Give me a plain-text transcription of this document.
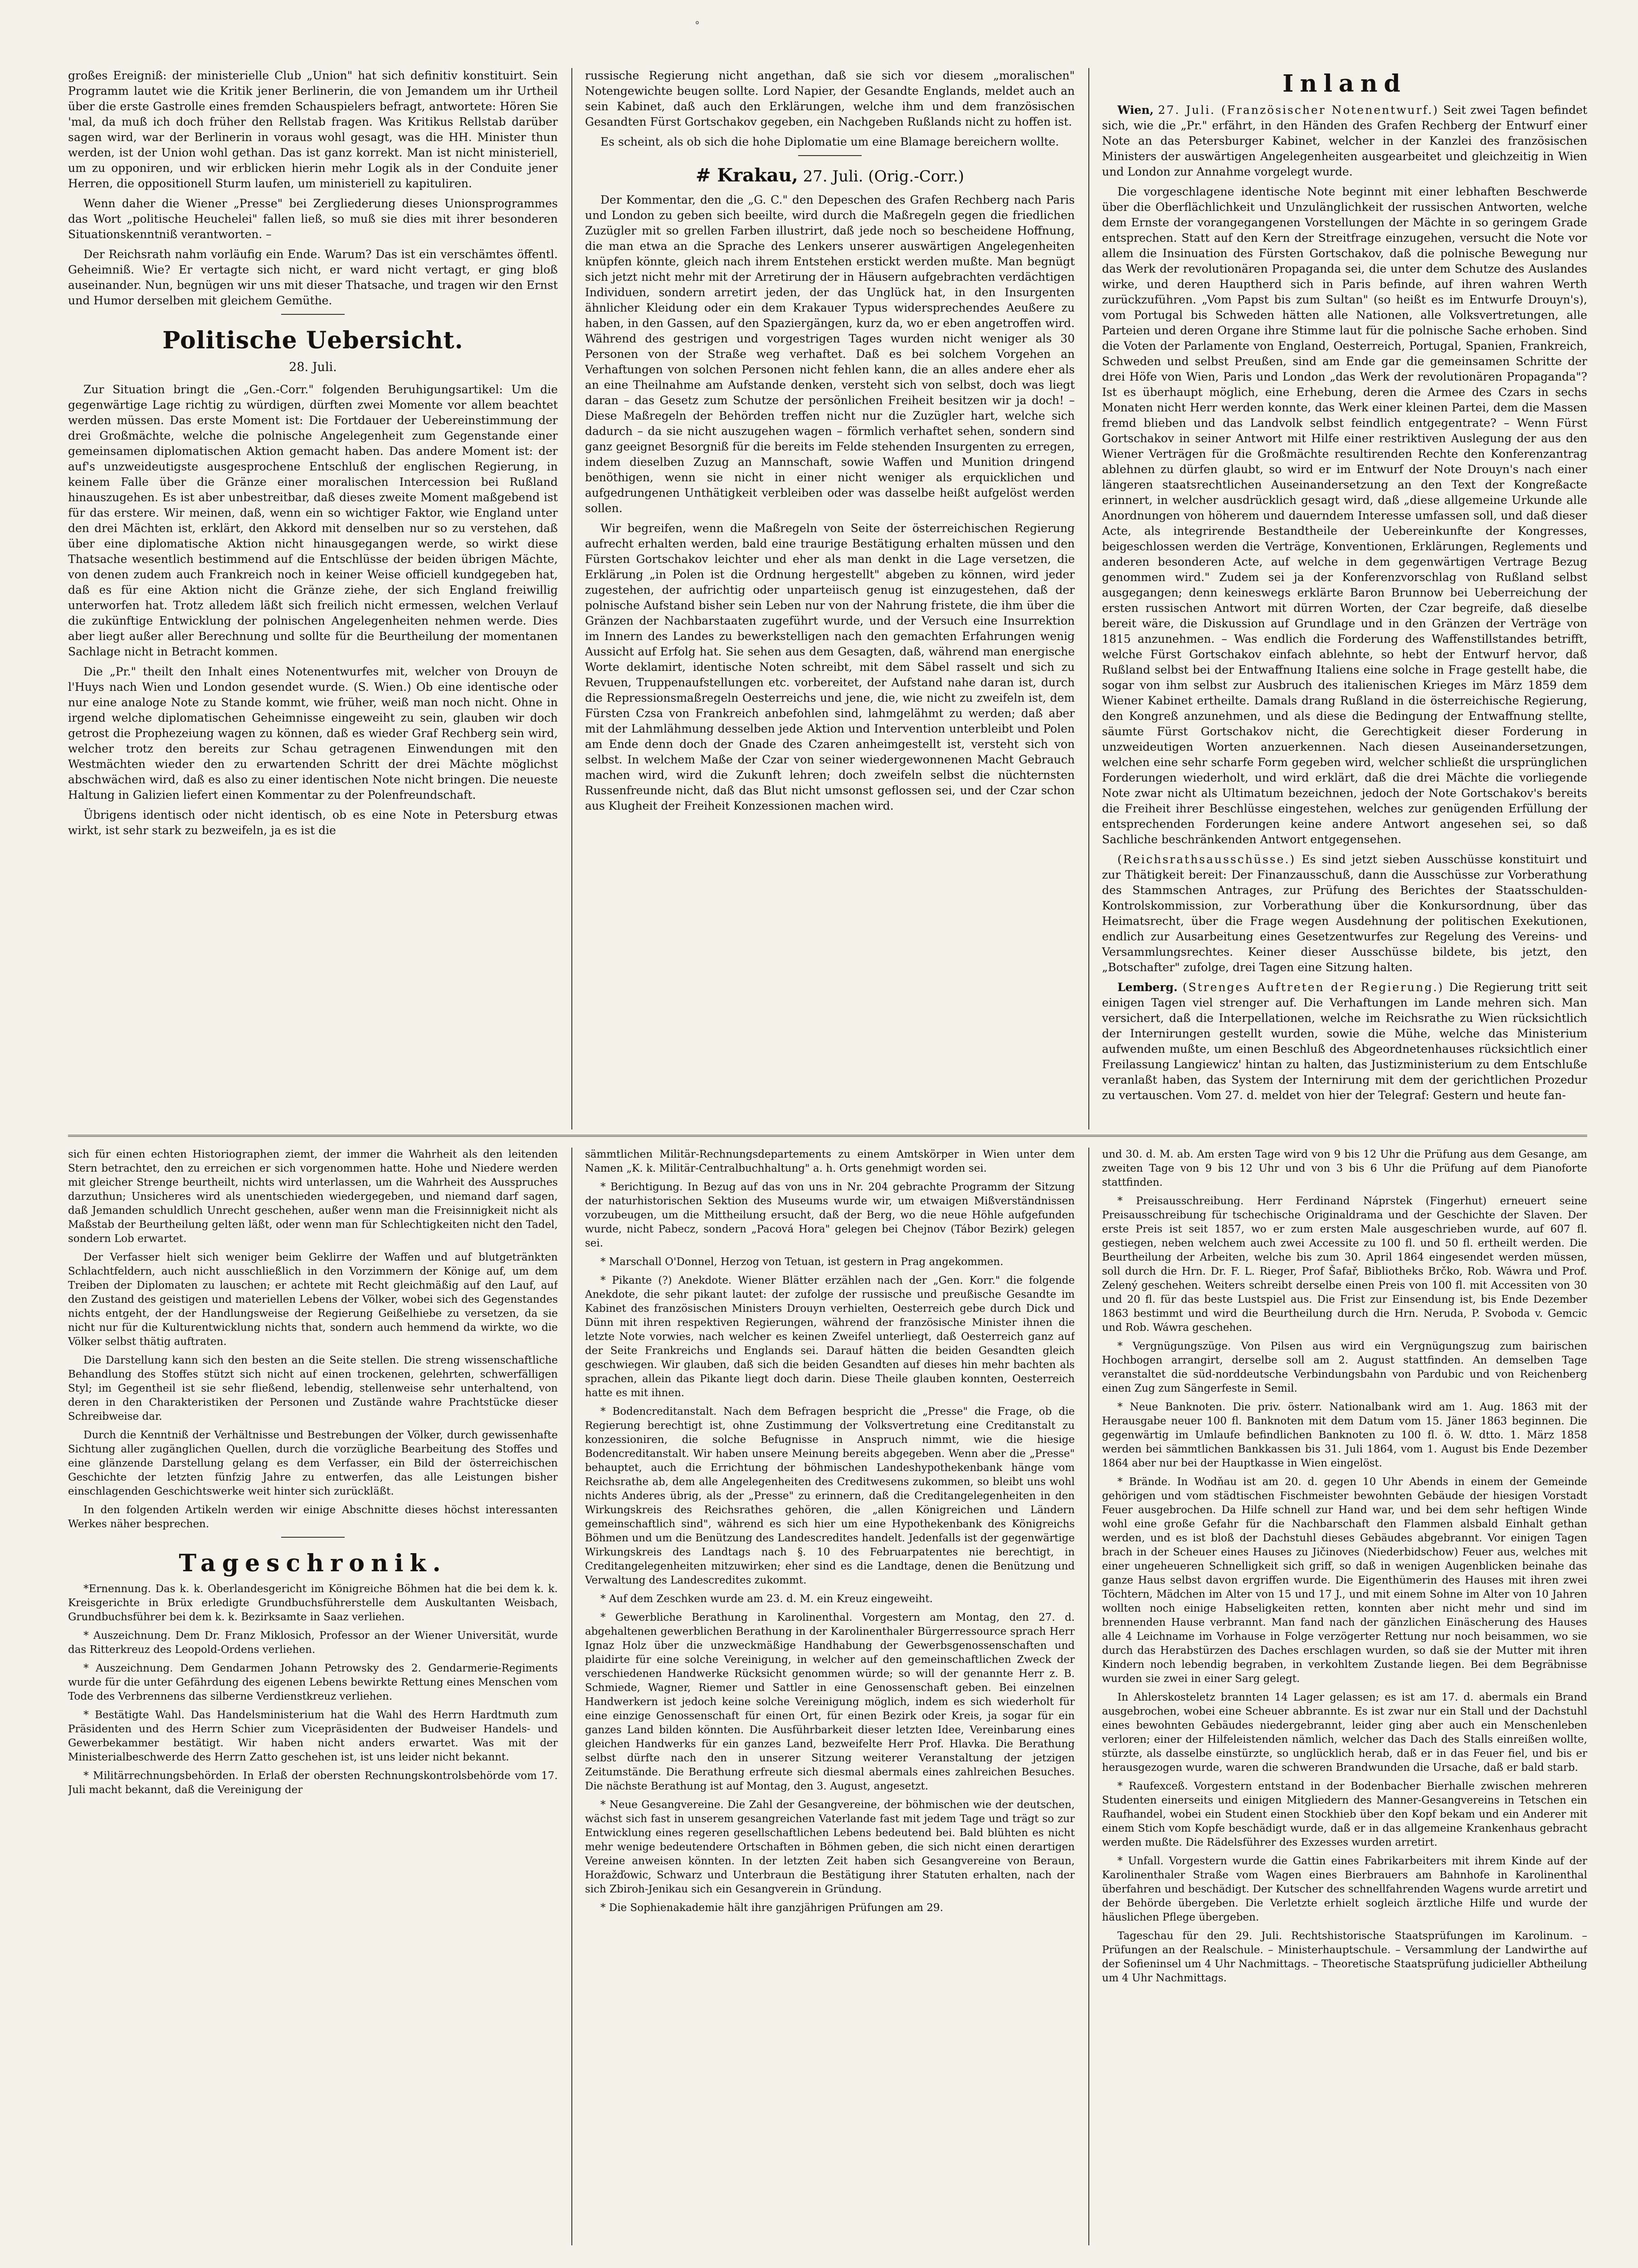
°

großes Ereigniß: der ministerielle Club „Union" hat sich definitiv konstituirt. Sein Programm lautet wie die Kritik jener Berlinerin, die von Jemandem um ihr Urtheil über die erste Gastrolle eines fremden Schauspielers befragt, antwortete: Hören Sie 'mal, da muß ich doch früher den Rellstab fragen. Was Kritikus Rellstab darüber sagen wird, war der Berlinerin in voraus wohl gesagt, was die HH. Minister thun werden, ist der Union wohl gethan. Das ist ganz korrekt. Man ist nicht ministeriell, um zu opponiren, und wir erblicken hierin mehr Logik als in der Conduite jener Herren, die oppositionell Sturm laufen, um ministeriell zu kapituliren.

Wenn daher die Wiener „Presse" bei Zergliederung dieses Unionsprogrammes das Wort „politische Heuchelei" fallen ließ, so muß sie dies mit ihrer besonderen Situationskenntniß verantworten. –

Der Reichsrath nahm vorläufig ein Ende. Warum? Das ist ein verschämtes öffentl. Geheimniß. Wie? Er vertagte sich nicht, er ward nicht vertagt, er ging bloß auseinander. Nun, begnügen wir uns mit dieser Thatsache, und tragen wir den Ernst und Humor derselben mit gleichem Gemüthe.

Politische Uebersicht.
28. Juli.

Zur Situation bringt die „Gen.-Corr." folgenden Beruhigungsartikel: Um die gegenwärtige Lage richtig zu würdigen, dürften zwei Momente vor allem beachtet werden müssen. Das erste Moment ist: Die Fortdauer der Uebereinstimmung der drei Großmächte, welche die polnische Angelegenheit zum Gegenstande einer gemeinsamen diplomatischen Aktion gemacht haben. Das andere Moment ist: der auf's unzweideutigste ausgesprochene Entschluß der englischen Regierung, in keinem Falle über die Gränze einer moralischen Intercession bei Rußland hinauszugehen. Es ist aber unbestreitbar, daß dieses zweite Moment maßgebend ist für das erstere. Wir meinen, daß, wenn ein so wichtiger Faktor, wie England unter den drei Mächten ist, erklärt, den Akkord mit denselben nur so zu verstehen, daß über eine diplomatische Aktion nicht hinausgegangen werde, so wirkt diese Thatsache wesentlich bestimmend auf die Entschlüsse der beiden übrigen Mächte, von denen zudem auch Frankreich noch in keiner Weise officiell kundgegeben hat, daß es für eine Aktion nicht die Gränze ziehe, der sich England freiwillig unterworfen hat. Trotz alledem läßt sich freilich nicht ermessen, welchen Verlauf die zukünftige Entwicklung der polnischen Angelegenheiten nehmen werde. Dies aber liegt außer aller Berechnung und sollte für die Beurtheilung der momentanen Sachlage nicht in Betracht kommen.

Die „Pr." theilt den Inhalt eines Notenentwurfes mit, welcher von Drouyn de l'Huys nach Wien und London gesendet wurde. (S. Wien.) Ob eine identische oder nur eine analoge Note zu Stande kommt, wie früher, weiß man noch nicht. Ohne in irgend welche diplomatischen Geheimnisse eingeweiht zu sein, glauben wir doch getrost die Prophezeiung wagen zu können, daß es wieder Graf Rechberg sein wird, welcher trotz den bereits zur Schau getragenen Einwendungen mit den Westmächten wieder den zu erwartenden Schritt der drei Mächte möglichst abschwächen wird, daß es also zu einer identischen Note nicht bringen. Die neueste Haltung in Galizien liefert einen Kommentar zu der Polenfreundschaft.

Übrigens identisch oder nicht identisch, ob es eine Note in Petersburg etwas wirkt, ist sehr stark zu bezweifeln, ja es ist die

russische Regierung nicht angethan, daß sie sich vor diesem „moralischen" Notengewichte beugen sollte. Lord Napier, der Gesandte Englands, meldet auch an sein Kabinet, daß auch den Erklärungen, welche ihm und dem französischen Gesandten Fürst Gortschakov gegeben, ein Nachgeben Rußlands nicht zu hoffen ist.

Es scheint, als ob sich die hohe Diplomatie um eine Blamage bereichern wollte.

# Krakau, 27. Juli. (Orig.-Corr.)

Der Kommentar, den die „G. C." den Depeschen des Grafen Rechberg nach Paris und London zu geben sich beeilte, wird durch die Maßregeln gegen die friedlichen Zuzügler mit so grellen Farben illustrirt, daß jede noch so bescheidene Hoffnung, die man etwa an die Sprache des Lenkers unserer auswärtigen Angelegenheiten knüpfen könnte, gleich nach ihrem Entstehen erstickt werden mußte. Man begnügt sich jetzt nicht mehr mit der Arretirung der in Häusern aufgebrachten verdächtigen Individuen, sondern arretirt jeden, der das Unglück hat, in den Insurgenten ähnlicher Kleidung oder ein dem Krakauer Typus widersprechendes Aeußere zu haben, in den Gassen, auf den Spaziergängen, kurz da, wo er eben angetroffen wird. Während des gestrigen und vorgestrigen Tages wurden nicht weniger als 30 Personen von der Straße weg verhaftet. Daß es bei solchem Vorgehen an Verhaftungen von solchen Personen nicht fehlen kann, die an alles andere eher als an eine Theilnahme am Aufstande denken, versteht sich von selbst, doch was liegt daran – das Gesetz zum Schutze der persönlichen Freiheit besitzen wir ja doch! – Diese Maßregeln der Behörden treffen nicht nur die Zuzügler hart, welche sich dadurch – da sie nicht auszugehen wagen – förmlich verhaftet sehen, sondern sind ganz geeignet Besorgniß für die bereits im Felde stehenden Insurgenten zu erregen, indem dieselben Zuzug an Mannschaft, sowie Waffen und Munition dringend benöthigen, wenn sie nicht in einer nicht weniger als erquicklichen und aufgedrungenen Unthätigkeit verbleiben oder was dasselbe heißt aufgelöst werden sollen.

Wir begreifen, wenn die Maßregeln von Seite der österreichischen Regierung aufrecht erhalten werden, bald eine traurige Bestätigung erhalten müssen und den Fürsten Gortschakov leichter und eher als man denkt in die Lage versetzen, die Erklärung „in Polen ist die Ordnung hergestellt" abgeben zu können, wird jeder zugestehen, der aufrichtig oder unparteiisch genug ist einzugestehen, daß der polnische Aufstand bisher sein Leben nur von der Nahrung fristete, die ihm über die Gränzen der Nachbarstaaten zugeführt wurde, und der Versuch eine Insurrektion im Innern des Landes zu bewerkstelligen nach den gemachten Erfahrungen wenig Aussicht auf Erfolg hat. Sie sehen aus dem Gesagten, daß, während man energische Worte deklamirt, identische Noten schreibt, mit dem Säbel rasselt und sich zu Revuen, Truppenaufstellungen etc. vorbereitet, der Aufstand nahe daran ist, durch die Repressionsmaßregeln Oesterreichs und jene, die, wie nicht zu zweifeln ist, dem Fürsten Czsa von Frankreich anbefohlen sind, lahmgelähmt zu werden; daß aber mit der Lahmlähmung desselben jede Aktion und Intervention unterbleibt und Polen am Ende denn doch der Gnade des Czaren anheimgestellt ist, versteht sich von selbst. In welchem Maße der Czar von seiner wiedergewonnenen Macht Gebrauch machen wird, wird die Zukunft lehren; doch zweifeln selbst die nüchternsten Russenfreunde nicht, daß das Blut nicht umsonst geflossen sei, und der Czar schon aus Klugheit der Freiheit Konzessionen machen wird.

Inland

Wien, 27. Juli. (Französischer Notenentwurf.) Seit zwei Tagen befindet sich, wie die „Pr." erfährt, in den Händen des Grafen Rechberg der Entwurf einer Note an das Petersburger Kabinet, welcher in der Kanzlei des französischen Ministers der auswärtigen Angelegenheiten ausgearbeitet und gleichzeitig in Wien und London zur Annahme vorgelegt wurde.

Die vorgeschlagene identische Note beginnt mit einer lebhaften Beschwerde über die Oberflächlichkeit und Unzulänglichkeit der russischen Antworten, welche dem Ernste der vorangegangenen Vorstellungen der Mächte in so geringem Grade entsprechen. Statt auf den Kern der Streitfrage einzugehen, versucht die Note vor allem die Insinuation des Fürsten Gortschakov, daß die polnische Bewegung nur das Werk der revolutionären Propaganda sei, die unter dem Schutze des Auslandes wirke, und deren Hauptherd sich in Paris befinde, auf ihren wahren Werth zurückzuführen. „Vom Papst bis zum Sultan" (so heißt es im Entwurfe Drouyn's), vom Portugal bis Schweden hätten alle Nationen, alle Volksvertretungen, alle Parteien und deren Organe ihre Stimme laut für die polnische Sache erhoben. Sind die Voten der Parlamente von England, Oesterreich, Portugal, Spanien, Frankreich, Schweden und selbst Preußen, sind am Ende gar die gemeinsamen Schritte der drei Höfe von Wien, Paris und London „das Werk der revolutionären Propaganda"? Ist es überhaupt möglich, eine Erhebung, deren die Armee des Czars in sechs Monaten nicht Herr werden konnte, das Werk einer kleinen Partei, dem die Massen fremd blieben und das Landvolk selbst feindlich entgegentrate? – Wenn Fürst Gortschakov in seiner Antwort mit Hilfe einer restriktiven Auslegung der aus den Wiener Verträgen für die Großmächte resultirenden Rechte den Konferenzantrag ablehnen zu dürfen glaubt, so wird er im Entwurf der Note Drouyn's nach einer längeren staatsrechtlichen Auseinandersetzung an den Text der Kongreßacte erinnert, in welcher ausdrücklich gesagt wird, daß „diese allgemeine Urkunde alle Anordnungen von höherem und dauerndem Interesse umfassen soll, und daß dieser Acte, als integrirende Bestandtheile der Uebereinkunfte der Kongresses, beigeschlossen werden die Verträge, Konventionen, Erklärungen, Reglements und anderen besonderen Acte, auf welche in dem gegenwärtigen Vertrage Bezug genommen wird." Zudem sei ja der Konferenzvorschlag von Rußland selbst ausgegangen; denn keineswegs erklärte Baron Brunnow bei Ueberreichung der ersten russischen Antwort mit dürren Worten, der Czar begreife, daß dieselbe bereit wäre, die Diskussion auf Grundlage und in den Gränzen der Verträge von 1815 anzunehmen. – Was endlich die Forderung des Waffenstillstandes betrifft, welche Fürst Gortschakov einfach ablehnte, so hebt der Entwurf hervor, daß Rußland selbst bei der Entwaffnung Italiens eine solche in Frage gestellt habe, die sogar von ihm selbst zur Ausbruch des italienischen Krieges im März 1859 dem Wiener Kabinet ertheilte. Damals drang Rußland in die österreichische Regierung, den Kongreß anzunehmen, und als diese die Bedingung der Entwaffnung stellte, säumte Fürst Gortschakov nicht, die Gerechtigkeit dieser Forderung in unzweideutigen Worten anzuerkennen. Nach diesen Auseinandersetzungen, welchen eine sehr scharfe Form gegeben wird, welcher schließt die ursprünglichen Forderungen wiederholt, und wird erklärt, daß die drei Mächte die vorliegende Note zwar nicht als Ultimatum bezeichnen, jedoch der Note Gortschakov's bereits die Freiheit ihrer Beschlüsse eingestehen, welches zur genügenden Erfüllung der entsprechenden Forderungen keine andere Antwort angesehen sei, so daß Sachliche beschränkenden Antwort entgegensehen.

(Reichsrathsausschüsse.) Es sind jetzt sieben Ausschüsse konstituirt und zur Thätigkeit bereit: Der Finanzausschuß, dann die Ausschüsse zur Vorberathung des Stammschen Antrages, zur Prüfung des Berichtes der Staatsschulden-Kontrolskommission, zur Vorberathung über die Konkursordnung, über das Heimatsrecht, über die Frage wegen Ausdehnung der politischen Exekutionen, endlich zur Ausarbeitung eines Gesetzentwurfes zur Regelung des Vereins- und Versammlungsrechtes. Keiner dieser Ausschüsse bildete, bis jetzt, den „Botschafter" zufolge, drei Tagen eine Sitzung halten.

Lemberg. (Strenges Auftreten der Regierung.) Die Regierung tritt seit einigen Tagen viel strenger auf. Die Verhaftungen im Lande mehren sich. Man versichert, daß die Interpellationen, welche im Reichsrathe zu Wien rücksichtlich der Internirungen gestellt wurden, sowie die Mühe, welche das Ministerium aufwenden mußte, um einen Beschluß des Abgeordnetenhauses rücksichtlich einer Freilassung Langiewicz' hintan zu halten, das Justizministerium zu dem Entschluße veranlaßt haben, das System der Internirung mit dem der gerichtlichen Prozedur zu vertauschen. Vom 27. d. meldet von hier der Telegraf: Gestern und heute fan-

sich für einen echten Historiographen ziemt, der immer die Wahrheit als den leitenden Stern betrachtet, den zu erreichen er sich vorgenommen hatte. Hohe und Niedere werden mit gleicher Strenge beurtheilt, nichts wird unterlassen, um die Wahrheit des Ausspruches darzuthun; Unsicheres wird als unentschieden wiedergegeben, und niemand darf sagen, daß Jemanden schuldlich Unrecht geschehen, außer wenn man die Freisinnigkeit nicht als Maßstab der Beurtheilung gelten läßt, oder wenn man für Schlechtigkeiten nicht den Tadel, sondern Lob erwartet.

Der Verfasser hielt sich weniger beim Geklirre der Waffen und auf blutgetränkten Schlachtfeldern, auch nicht ausschließlich in den Vorzimmern der Könige auf, um dem Treiben der Diplomaten zu lauschen; er achtete mit Recht gleichmäßig auf den Lauf, auf den Zustand des geistigen und materiellen Lebens der Völker, wobei sich des Gegenstandes nichts entgeht, der der Handlungsweise der Regierung Geißelhiebe zu versetzen, da sie nicht nur für die Kulturentwicklung nichts that, sondern auch hemmend da wirkte, wo die Völker selbst thätig auftraten.

Die Darstellung kann sich den besten an die Seite stellen. Die streng wissenschaftliche Behandlung des Stoffes stützt sich nicht auf einen trockenen, gelehrten, schwerfälligen Styl; im Gegentheil ist sie sehr fließend, lebendig, stellenweise sehr unterhaltend, von deren in den Charakteristiken der Personen und Zustände wahre Prachtstücke dieser Schreibweise dar.

Durch die Kenntniß der Verhältnisse und Bestrebungen der Völker, durch gewissenhafte Sichtung aller zugänglichen Quellen, durch die vorzügliche Bearbeitung des Stoffes und eine glänzende Darstellung gelang es dem Verfasser, ein Bild der österreichischen Geschichte der letzten fünfzig Jahre zu entwerfen, das alle Leistungen bisher einschlagenden Geschichtswerke weit hinter sich zurückläßt.

In den folgenden Artikeln werden wir einige Abschnitte dieses höchst interessanten Werkes näher besprechen.

Tageschronik.

*Ernennung. Das k. k. Oberlandesgericht im Königreiche Böhmen hat die bei dem k. k. Kreisgerichte in Brüx erledigte Grundbuchsführerstelle dem Auskultanten Weisbach, Grundbuchsführer bei dem k. k. Bezirksamte in Saaz verliehen.

* Auszeichnung. Dem Dr. Franz Miklosich, Professor an der Wiener Universität, wurde das Ritterkreuz des Leopold-Ordens verliehen.

* Auszeichnung. Dem Gendarmen Johann Petrowsky des 2. Gendarmerie-Regiments wurde für die unter Gefährdung des eigenen Lebens bewirkte Rettung eines Menschen vom Tode des Verbrennens das silberne Verdienstkreuz verliehen.

* Bestätigte Wahl. Das Handelsministerium hat die Wahl des Herrn Hardtmuth zum Präsidenten und des Herrn Schier zum Vicepräsidenten der Budweiser Handels- und Gewerbekammer bestätigt. Wir haben nicht anders erwartet. Was mit der Ministerialbeschwerde des Herrn Zatto geschehen ist, ist uns leider nicht bekannt.

* Militärrechnungsbehörden. In Erlaß der obersten Rechnungskontrolsbehörde vom 17. Juli macht bekannt, daß die Vereinigung der

sämmtlichen Militär-Rechnungsdepartements zu einem Amtskörper in Wien unter dem Namen „K. k. Militär-Centralbuchhaltung" a. h. Orts genehmigt worden sei.

* Berichtigung. In Bezug auf das von uns in Nr. 204 gebrachte Programm der Sitzung der naturhistorischen Sektion des Museums wurde wir, um etwaigen Mißverständnissen vorzubeugen, um die Mittheilung ersucht, daß der Berg, wo die neue Höhle aufgefunden wurde, nicht Pabecz, sondern „Pacová Hora" gelegen bei Chejnov (Tábor Bezirk) gelegen sei.

* Marschall O'Donnel, Herzog von Tetuan, ist gestern in Prag angekommen.

* Pikante (?) Anekdote. Wiener Blätter erzählen nach der „Gen. Korr." die folgende Anekdote, die sehr pikant lautet: der zufolge der russische und preußische Gesandte im Kabinet des französischen Ministers Drouyn verhielten, Oesterreich gebe durch Dick und Dünn mit ihren respektiven Regierungen, während der französische Minister ihnen die letzte Note vorwies, nach welcher es keinen Zweifel unterliegt, daß Oesterreich ganz auf der Seite Frankreichs und Englands sei. Darauf hätten die beiden Gesandten gleich geschwiegen. Wir glauben, daß sich die beiden Gesandten auf dieses hin mehr bachten als sprachen, allein das Pikante liegt doch darin. Diese Theile glauben konnten, Oesterreich hatte es mit ihnen.

* Bodencreditanstalt. Nach dem Befragen bespricht die „Presse" die Frage, ob die Regierung berechtigt ist, ohne Zustimmung der Volksvertretung eine Creditanstalt zu konzessioniren, die solche Befugnisse in Anspruch nimmt, wie die hiesige Bodencreditanstalt. Wir haben unsere Meinung bereits abgegeben. Wenn aber die „Presse" behauptet, auch die Errichtung der böhmischen Landeshypothekenbank hänge vom Reichsrathe ab, dem alle Angelegenheiten des Creditwesens zukommen, so bleibt uns wohl nichts Anderes übrig, als der „Presse" zu erinnern, daß die Creditangelegenheiten in den Wirkungskreis des Reichsrathes gehören, die „allen Königreichen und Ländern gemeinschaftlich sind", während es sich hier um eine Hypothekenbank des Königreichs Böhmen und um die Benützung des Landescredites handelt. Jedenfalls ist der gegenwärtige Wirkungskreis des Landtags nach §. 10 des Februarpatentes nie berechtigt, in Creditangelegenheiten mitzuwirken; eher sind es die Landtage, denen die Benützung und Verwaltung des Landescredites zukommt.

* Auf dem Zeschken wurde am 23. d. M. ein Kreuz eingeweiht.

* Gewerbliche Berathung in Karolinenthal. Vorgestern am Montag, den 27. d. abgehaltenen gewerblichen Berathung in der Karolinenthaler Bürgerressource sprach Herr Ignaz Holz über die unzweckmäßige Handhabung der Gewerbsgenossenschaften und plaidirte für eine solche Vereinigung, in welcher auf den gemeinschaftlichen Zweck der verschiedenen Handwerke Rücksicht genommen würde; so will der genannte Herr z. B. Schmiede, Wagner, Riemer und Sattler in eine Genossenschaft geben. Bei einzelnen Handwerkern ist jedoch keine solche Vereinigung möglich, indem es sich wiederholt für eine einzige Genossenschaft für einen Ort, für einen Bezirk oder Kreis, ja sogar für ein ganzes Land bilden könnten. Die Ausführbarkeit dieser letzten Idee, Vereinbarung eines gleichen Handwerks für ein ganzes Land, bezweifelte Herr Prof. Hlavka. Die Berathung selbst dürfte nach den in unserer Sitzung weiterer Veranstaltung der jetzigen Zeitumstände. Die Berathung erfreute sich diesmal abermals eines zahlreichen Besuches. Die nächste Berathung ist auf Montag, den 3. August, angesetzt.

* Neue Gesangvereine. Die Zahl der Gesangvereine, der böhmischen wie der deutschen, wächst sich fast in unserem gesangreichen Vaterlande fast mit jedem Tage und trägt so zur Entwicklung eines regeren gesellschaftlichen Lebens bedeutend bei. Bald blühten es nicht mehr wenige bedeutendere Ortschaften in Böhmen geben, die sich nicht einen derartigen Vereine anweisen könnten. In der letzten Zeit haben sich Gesangvereine von Beraun, Horažďowic, Schwarz und Unterbraun die Bestätigung ihrer Statuten erhalten, nach der sich Zbiroh-Jenikau sich ein Gesangverein in Gründung.

* Die Sophienakademie hält ihre ganzjährigen Prüfungen am 29.

und 30. d. M. ab. Am ersten Tage wird von 9 bis 12 Uhr die Prüfung aus dem Gesange, am zweiten Tage von 9 bis 12 Uhr und von 3 bis 6 Uhr die Prüfung auf dem Pianoforte stattfinden.

* Preisausschreibung. Herr Ferdinand Náprstek (Fingerhut) erneuert seine Preisausschreibung für tschechische Originaldrama und der Geschichte der Slaven. Der erste Preis ist seit 1857, wo er zum ersten Male ausgeschrieben wurde, auf 607 fl. gestiegen, neben welchem auch zwei Accessite zu 100 fl. und 50 fl. ertheilt werden. Die Beurtheilung der Arbeiten, welche bis zum 30. April 1864 eingesendet werden müssen, soll durch die Hrn. Dr. F. L. Rieger, Prof Šafař, Bibliotheks Brčko, Rob. Wáwra und Prof. Zelený geschehen. Weiters schreibt derselbe einen Preis von 100 fl. mit Accessiten von 30 und 20 fl. für das beste Lustspiel aus. Die Frist zur Einsendung ist, bis Ende Dezember 1863 bestimmt und wird die Beurtheilung durch die Hrn. Neruda, P. Svoboda v. Gemcic und Rob. Wáwra geschehen.

* Vergnügungszüge. Von Pilsen aus wird ein Vergnügungszug zum bairischen Hochbogen arrangirt, derselbe soll am 2. August stattfinden. An demselben Tage veranstaltet die süd-norddeutsche Verbindungsbahn von Pardubic und von Reichenberg einen Zug zum Sängerfeste in Semil.

* Neue Banknoten. Die priv. österr. Nationalbank wird am 1. Aug. 1863 mit der Herausgabe neuer 100 fl. Banknoten mit dem Datum vom 15. Jäner 1863 beginnen. Die gegenwärtig im Umlaufe befindlichen Banknoten zu 100 fl. ö. W. dtto. 1. März 1858 werden bei sämmtlichen Bankkassen bis 31. Juli 1864, vom 1. August bis Ende Dezember 1864 aber nur bei der Hauptkasse in Wien eingelöst.

* Brände. In Wodňau ist am 20. d. gegen 10 Uhr Abends in einem der Gemeinde gehörigen und vom städtischen Fischmeister bewohnten Gebäude der hiesigen Vorstadt Feuer ausgebrochen. Da Hilfe schnell zur Hand war, und bei dem sehr heftigen Winde wohl eine große Gefahr für die Nachbarschaft den Flammen alsbald Einhalt gethan werden, und es ist bloß der Dachstuhl dieses Gebäudes abgebrannt. Vor einigen Tagen brach in der Scheuer eines Hauses zu Jičinoves (Niederbidschow) Feuer aus, welches mit einer ungeheueren Schnelligkeit sich griff, so daß in wenigen Augenblicken beinahe das ganze Haus selbst davon ergriffen wurde. Die Eigenthümerin des Hauses mit ihren zwei Töchtern, Mädchen im Alter von 15 und 17 J., und mit einem Sohne im Alter von 10 Jahren wollten noch einige Habseligkeiten retten, konnten aber nicht mehr und sind im brennenden Hause verbrannt. Man fand nach der gänzlichen Einäscherung des Hauses alle 4 Leichname im Vorhause in Folge verzögerter Rettung nur noch beisammen, wo sie durch das Herabstürzen des Daches erschlagen wurden, so daß sie der Mutter mit ihren Kindern noch lebendig begraben, in verkohltem Zustande liegen. Bei dem Begräbnisse wurden sie zwei in einer Sarg gelegt.

In Ahlerskosteletz brannten 14 Lager gelassen; es ist am 17. d. abermals ein Brand ausgebrochen, wobei eine Scheuer abbrannte. Es ist zwar nur ein Stall und der Dachstuhl eines bewohnten Gebäudes niedergebrannt, leider ging aber auch ein Menschenleben verloren; einer der Hilfeleistenden nämlich, welcher das Dach des Stalls einreißen wollte, stürzte, als dasselbe einstürzte, so unglücklich herab, daß er in das Feuer fiel, und bis er herausgezogen wurde, waren die schweren Brandwunden die Ursache, daß er bald starb.

* Raufexceß. Vorgestern entstand in der Bodenbacher Bierhalle zwischen mehreren Studenten einerseits und einigen Mitgliedern des Manner-Gesangvereins in Tetschen ein Raufhandel, wobei ein Student einen Stockhieb über den Kopf bekam und ein Anderer mit einem Stich vom Kopfe beschädigt wurde, daß er in das allgemeine Krankenhaus gebracht werden mußte. Die Rädelsführer des Exzesses wurden arretirt.

* Unfall. Vorgestern wurde die Gattin eines Fabrikarbeiters mit ihrem Kinde auf der Karolinenthaler Straße vom Wagen eines Bierbrauers am Bahnhofe in Karolinenthal überfahren und beschädigt. Der Kutscher des schnellfahrenden Wagens wurde arretirt und der Behörde übergeben. Die Verletzte erhielt sogleich ärztliche Hilfe und wurde der häuslichen Pflege übergeben.

Tageschau für den 29. Juli. Rechtshistorische Staatsprüfungen im Karolinum. – Prüfungen an der Realschule. – Ministerhauptschule. – Versammlung der Landwirthe auf der Sofieninsel um 4 Uhr Nachmittags. – Theoretische Staatsprüfung judicieller Abtheilung um 4 Uhr Nachmittags.
